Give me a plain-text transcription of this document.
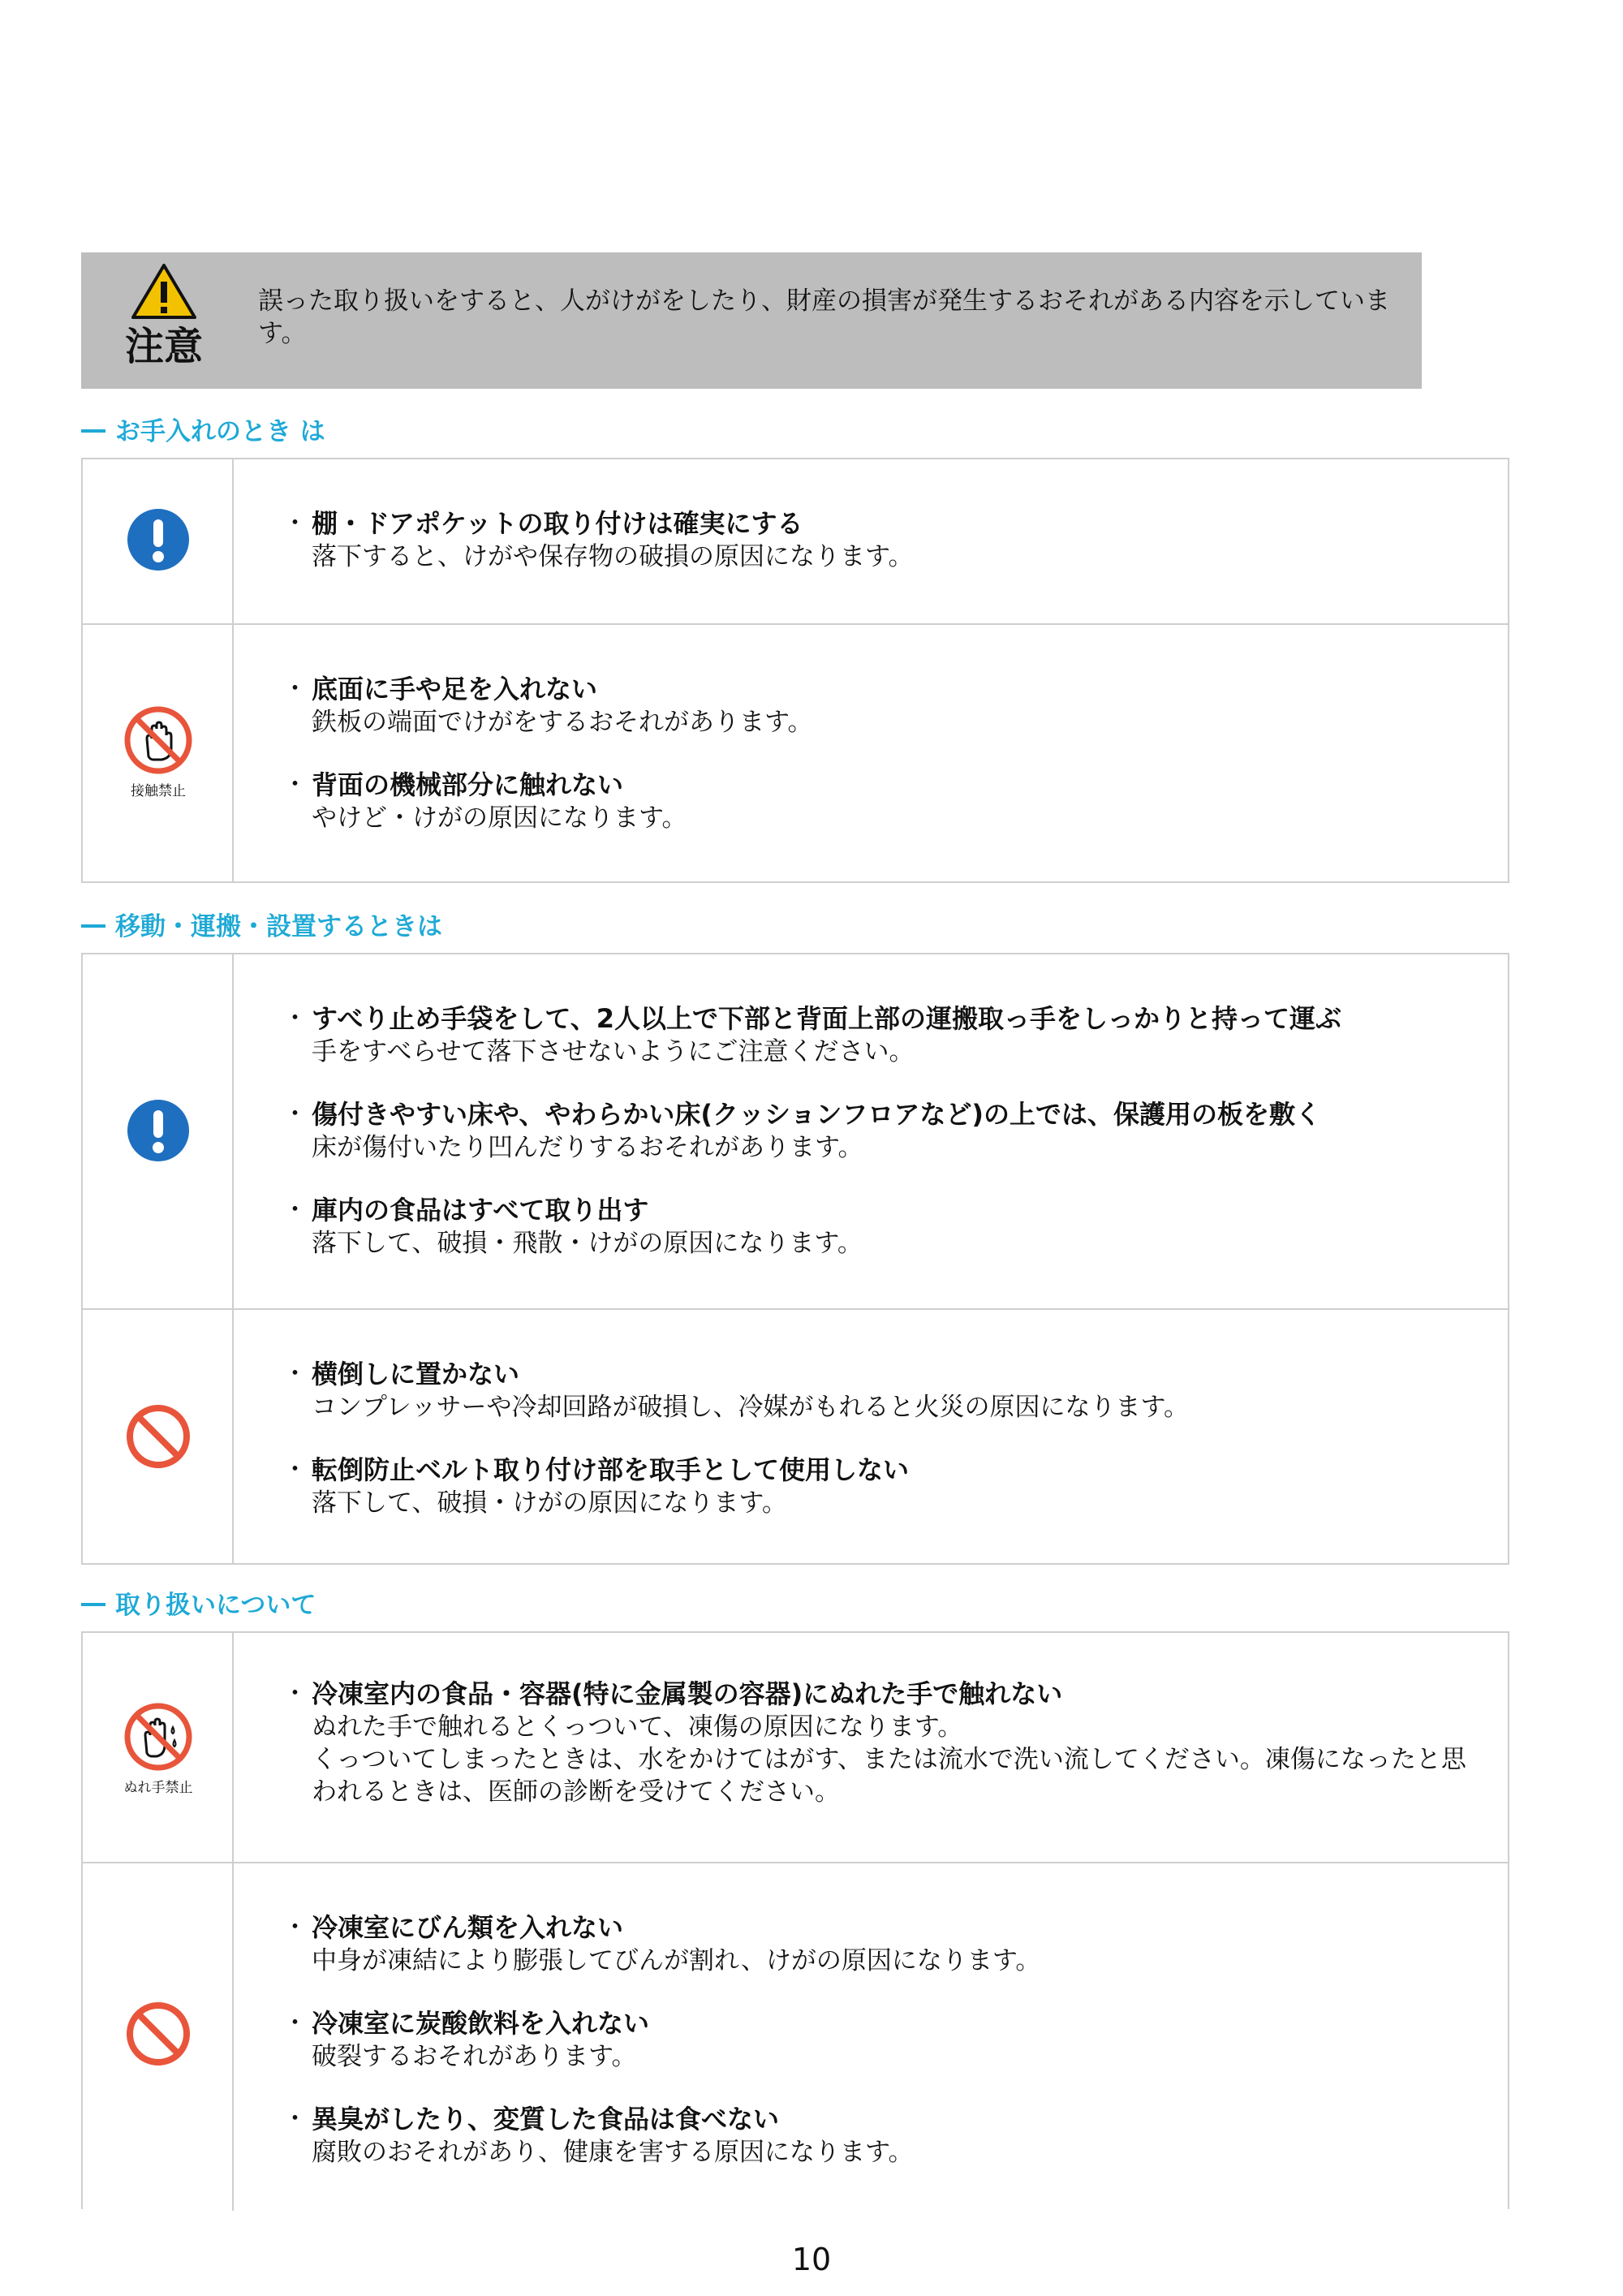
注意
誤った取り扱いをすると、人がけがをしたり、財産の損害が発生するおそれがある内容を示しています。
お手入れのとき は
・ 棚・ドアポケットの取り付けは確実にする
落下すると、けがや保存物の破損の原因になります。
接触禁止
・ 底面に手や足を入れない
鉄板の端面でけがをするおそれがあります。
・ 背面の機械部分に触れない
やけど・けがの原因になります。
移動・運搬・設置するときは
・ すべり止め手袋をして、2人以上で下部と背面上部の運搬取っ手をしっかりと持って運ぶ
手をすべらせて落下させないようにご注意ください。
・ 傷付きやすい床や、やわらかい床(クッションフロアなど)の上では、保護用の板を敷く
床が傷付いたり凹んだりするおそれがあります。
・ 庫内の食品はすべて取り出す
落下して、破損・飛散・けがの原因になります。
・ 横倒しに置かない
コンプレッサーや冷却回路が破損し、冷媒がもれると火災の原因になります。
・ 転倒防止ベルト取り付け部を取手として使用しない
落下して、破損・けがの原因になります。
取り扱いについて
ぬれ手禁止
・ 冷凍室内の食品・容器(特に金属製の容器)にぬれた手で触れない
ぬれた手で触れるとくっついて、凍傷の原因になります。
くっついてしまったときは、水をかけてはがす、または流水で洗い流してください。凍傷になったと思われるときは、医師の診断を受けてください。
・ 冷凍室にびん類を入れない
中身が凍結により膨張してびんが割れ、けがの原因になります。
・ 冷凍室に炭酸飲料を入れない
破裂するおそれがあります。
・ 異臭がしたり、変質した食品は食べない
腐敗のおそれがあり、健康を害する原因になります。
10
